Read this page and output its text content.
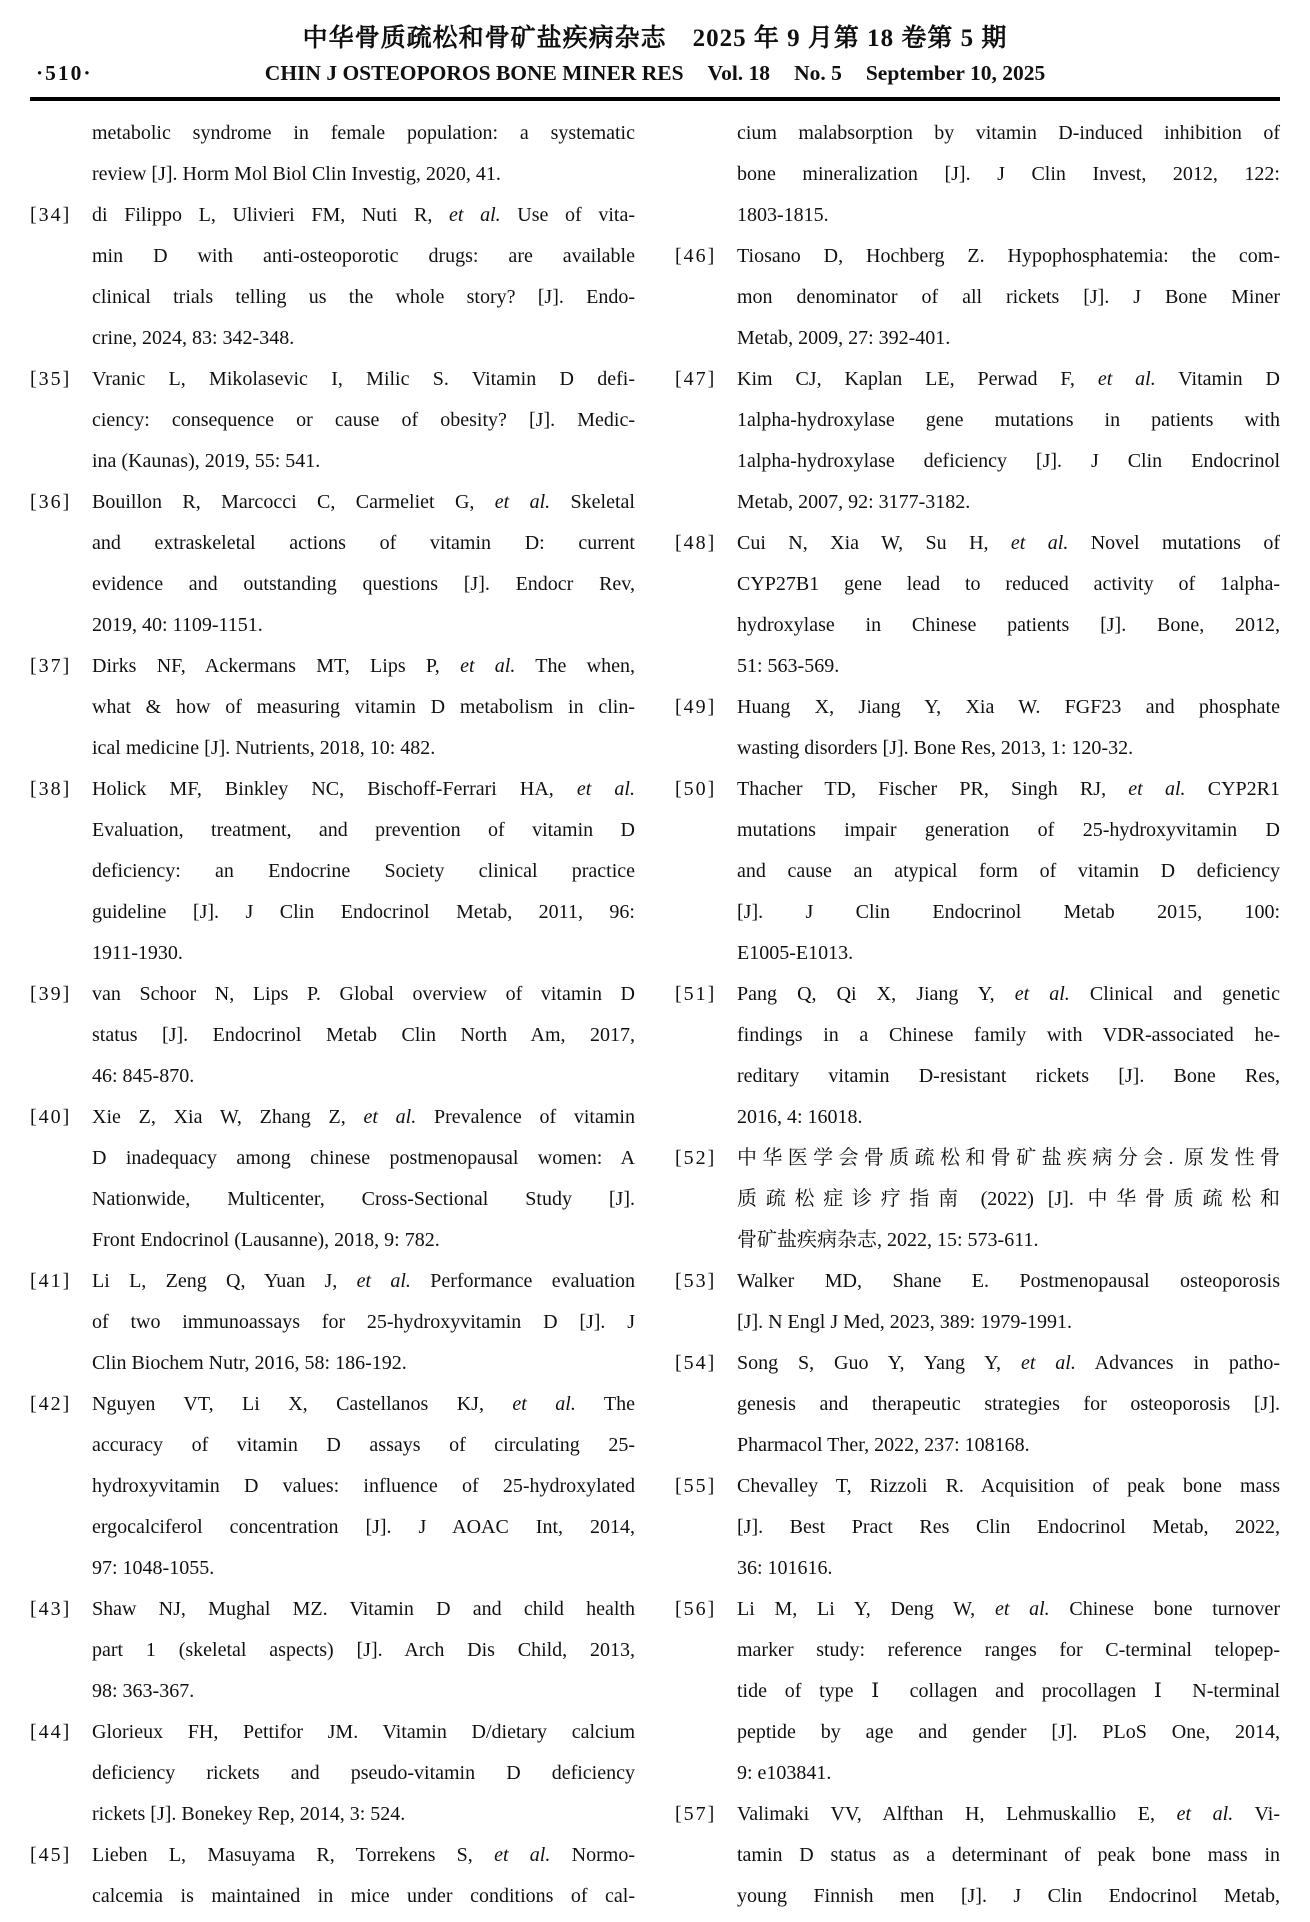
中华骨质疏松和骨矿盐疾病杂志 2025 年 9 月第 18 卷第 5 期
·510·	CHIN J OSTEOPOROS BONE MINER RES Vol. 18 No. 5 September 10, 2025
metabolic syndrome in female population: a systematic
review [J]. Horm Mol Biol Clin Investig, 2020, 41.
[34]	di Filippo L, Ulivieri FM, Nuti R, et al. Use of vita-
min D with anti-osteoporotic drugs: are available
clinical trials telling us the whole story? [J]. Endo-
crine, 2024, 83: 342-348.
[35]	Vranic L, Mikolasevic I, Milic S. Vitamin D defi-
ciency: consequence or cause of obesity? [J]. Medic-
ina (Kaunas), 2019, 55: 541.
[36]	Bouillon R, Marcocci C, Carmeliet G, et al. Skeletal
and extraskeletal actions of vitamin D: current
evidence and outstanding questions [J]. Endocr Rev,
2019, 40: 1109-1151.
[37]	Dirks NF, Ackermans MT, Lips P, et al. The when,
what & how of measuring vitamin D metabolism in clin-
ical medicine [J]. Nutrients, 2018, 10: 482.
[38]	Holick MF, Binkley NC, Bischoff-Ferrari HA, et al.
Evaluation, treatment, and prevention of vitamin D
deficiency: an Endocrine Society clinical practice
guideline [J]. J Clin Endocrinol Metab, 2011, 96:
1911-1930.
[39]	van Schoor N, Lips P. Global overview of vitamin D
status [J]. Endocrinol Metab Clin North Am, 2017,
46: 845-870.
[40]	Xie Z, Xia W, Zhang Z, et al. Prevalence of vitamin
D inadequacy among chinese postmenopausal women: A
Nationwide, Multicenter, Cross-Sectional Study [J].
Front Endocrinol (Lausanne), 2018, 9: 782.
[41]	Li L, Zeng Q, Yuan J, et al. Performance evaluation
of two immunoassays for 25-hydroxyvitamin D [J]. J
Clin Biochem Nutr, 2016, 58: 186-192.
[42]	Nguyen VT, Li X, Castellanos KJ, et al. The
accuracy of vitamin D assays of circulating 25-
hydroxyvitamin D values: influence of 25-hydroxylated
ergocalciferol concentration [J]. J AOAC Int, 2014,
97: 1048-1055.
[43]	Shaw NJ, Mughal MZ. Vitamin D and child health
part 1 (skeletal aspects) [J]. Arch Dis Child, 2013,
98: 363-367.
[44]	Glorieux FH, Pettifor JM. Vitamin D/dietary calcium
deficiency rickets and pseudo-vitamin D deficiency
rickets [J]. Bonekey Rep, 2014, 3: 524.
[45]	Lieben L, Masuyama R, Torrekens S, et al. Normo-
calcemia is maintained in mice under conditions of cal-
cium malabsorption by vitamin D-induced inhibition of
bone mineralization [J]. J Clin Invest, 2012, 122:
1803-1815.
[46]	Tiosano D, Hochberg Z. Hypophosphatemia: the com-
mon denominator of all rickets [J]. J Bone Miner
Metab, 2009, 27: 392-401.
[47]	Kim CJ, Kaplan LE, Perwad F, et al. Vitamin D
1alpha-hydroxylase gene mutations in patients with
1alpha-hydroxylase deficiency [J]. J Clin Endocrinol
Metab, 2007, 92: 3177-3182.
[48]	Cui N, Xia W, Su H, et al. Novel mutations of
CYP27B1 gene lead to reduced activity of 1alpha-
hydroxylase in Chinese patients [J]. Bone, 2012,
51: 563-569.
[49]	Huang X, Jiang Y, Xia W. FGF23 and phosphate
wasting disorders [J]. Bone Res, 2013, 1: 120-32.
[50]	Thacher TD, Fischer PR, Singh RJ, et al. CYP2R1
mutations impair generation of 25-hydroxyvitamin D
and cause an atypical form of vitamin D deficiency
[J]. J Clin Endocrinol Metab 2015, 100:
E1005-E1013.
[51]	Pang Q, Qi X, Jiang Y, et al. Clinical and genetic
findings in a Chinese family with VDR-associated he-
reditary vitamin D-resistant rickets [J]. Bone Res,
2016, 4: 16018.
[52]	中华医学会骨质疏松和骨矿盐疾病分会. 原发性骨
质疏松症诊疗指南 (2022) [J]. 中华骨质疏松和
骨矿盐疾病杂志, 2022, 15: 573-611.
[53]	Walker MD, Shane E. Postmenopausal osteoporosis
[J]. N Engl J Med, 2023, 389: 1979-1991.
[54]	Song S, Guo Y, Yang Y, et al. Advances in patho-
genesis and therapeutic strategies for osteoporosis [J].
Pharmacol Ther, 2022, 237: 108168.
[55]	Chevalley T, Rizzoli R. Acquisition of peak bone mass
[J]. Best Pract Res Clin Endocrinol Metab, 2022,
36: 101616.
[56]	Li M, Li Y, Deng W, et al. Chinese bone turnover
marker study: reference ranges for C-terminal telopep-
tide of type Ⅰ collagen and procollagen Ⅰ N-terminal
peptide by age and gender [J]. PLoS One, 2014,
9: e103841.
[57]	Valimaki VV, Alfthan H, Lehmuskallio E, et al. Vi-
tamin D status as a determinant of peak bone mass in
young Finnish men [J]. J Clin Endocrinol Metab,
